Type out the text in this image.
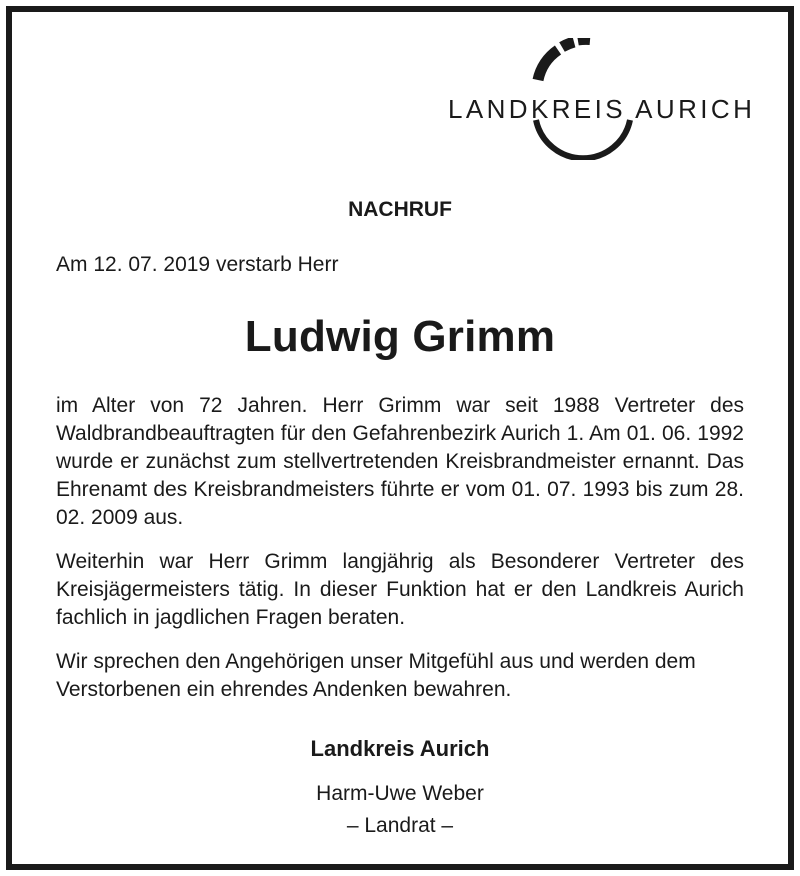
LANDKREIS AURICH
NACHRUF
Am 12. 07. 2019 verstarb Herr
Ludwig Grimm

im Alter von 72 Jahren. Herr Grimm war seit 1988 Vertreter des Waldbrandbeauftragten für den Gefahrenbezirk Aurich 1. Am 01. 06. 1992 wurde er zunächst zum stellvertretenden Kreisbrandmeister ernannt. Das Ehrenamt des Kreisbrandmeisters führte er vom 01. 07. 1993 bis zum 28. 02. 2009 aus.

Weiterhin war Herr Grimm langjährig als Besonderer Vertreter des Kreisjägermeisters tätig. In dieser Funktion hat er den Landkreis Aurich fachlich in jagdlichen Fragen beraten.

Wir sprechen den Angehörigen unser Mitgefühl aus und werden dem Verstorbenen ein ehrendes Andenken bewahren.

Landkreis Aurich
Harm-Uwe Weber
– Landrat –
